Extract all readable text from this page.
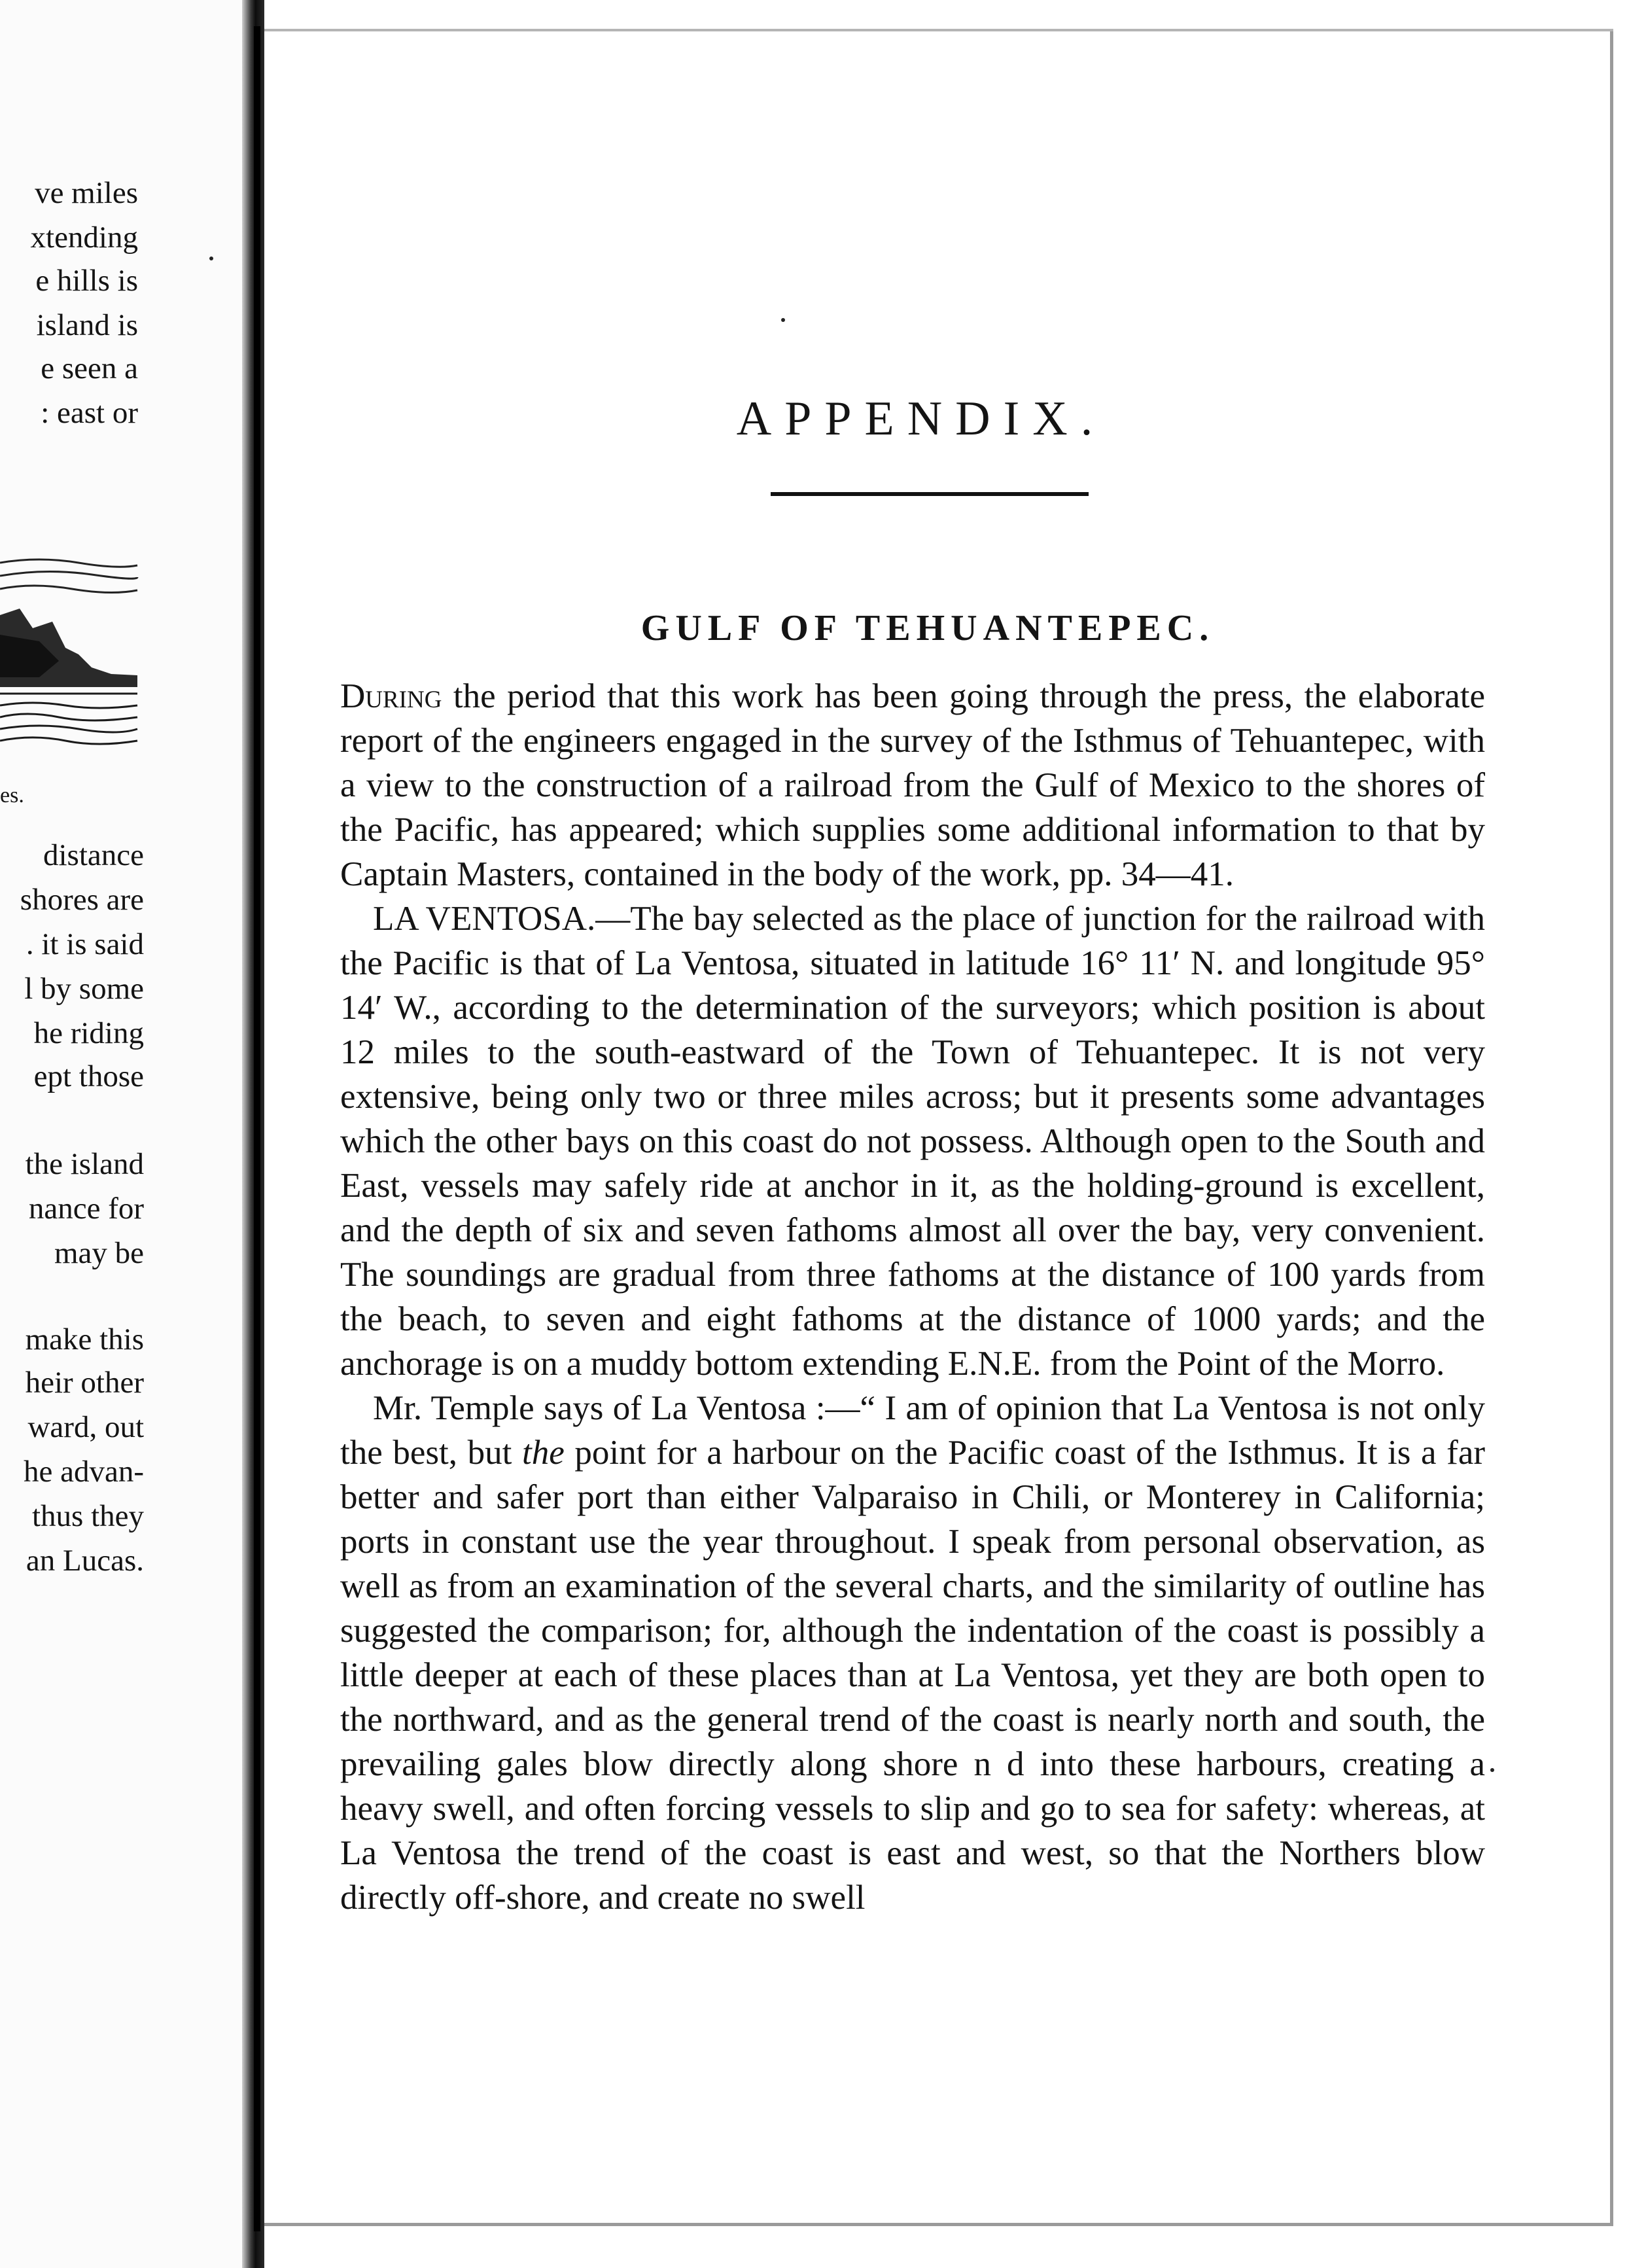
ve miles
xtending
e hills is
island is
e seen a
: east or
es.
distance
shores are
. it is said
l by some
he riding
ept those
the island
nance for
may be
make this
heir other
ward, out
he advan-
thus they
an Lucas.
APPENDIX.
GULF OF TEHUANTEPEC.

During the period that this work has been going through the press, the elaborate report of the engineers engaged in the survey of the Isthmus of Tehuantepec, with a view to the construction of a railroad from the Gulf of Mexico to the shores of the Pacific, has appeared; which supplies some additional information to that by Captain Masters, contained in the body of the work, pp. 34—41.

LA VENTOSA.—The bay selected as the place of junction for the railroad with the Pacific is that of La Ventosa, situated in latitude 16° 11′ N. and longitude 95° 14′ W., according to the determination of the surveyors; which position is about 12 miles to the south-eastward of the Town of Tehuantepec. It is not very extensive, being only two or three miles across; but it presents some advantages which the other bays on this coast do not possess. Although open to the South and East, vessels may safely ride at anchor in it, as the holding-ground is excellent, and the depth of six and seven fathoms almost all over the bay, very convenient. The soundings are gradual from three fathoms at the distance of 100 yards from the beach, to seven and eight fathoms at the distance of 1000 yards; and the anchorage is on a muddy bottom extending E.N.E. from the Point of the Morro.

Mr. Temple says of La Ventosa :—“ I am of opinion that La Ventosa is not only the best, but the point for a harbour on the Pacific coast of the Isthmus. It is a far better and safer port than either Valparaiso in Chili, or Monterey in California; ports in constant use the year throughout. I speak from personal observation, as well as from an examination of the several charts, and the similarity of outline has suggested the comparison; for, although the indentation of the coast is possibly a little deeper at each of these places than at La Ventosa, yet they are both open to the northward, and as the general trend of the coast is nearly north and south, the prevailing gales blow directly along shore n d into these harbours, creating a heavy swell, and often forcing vessels to slip and go to sea for safety: whereas, at La Ventosa the trend of the coast is east and west, so that the Northers blow directly off-shore, and create no swell
